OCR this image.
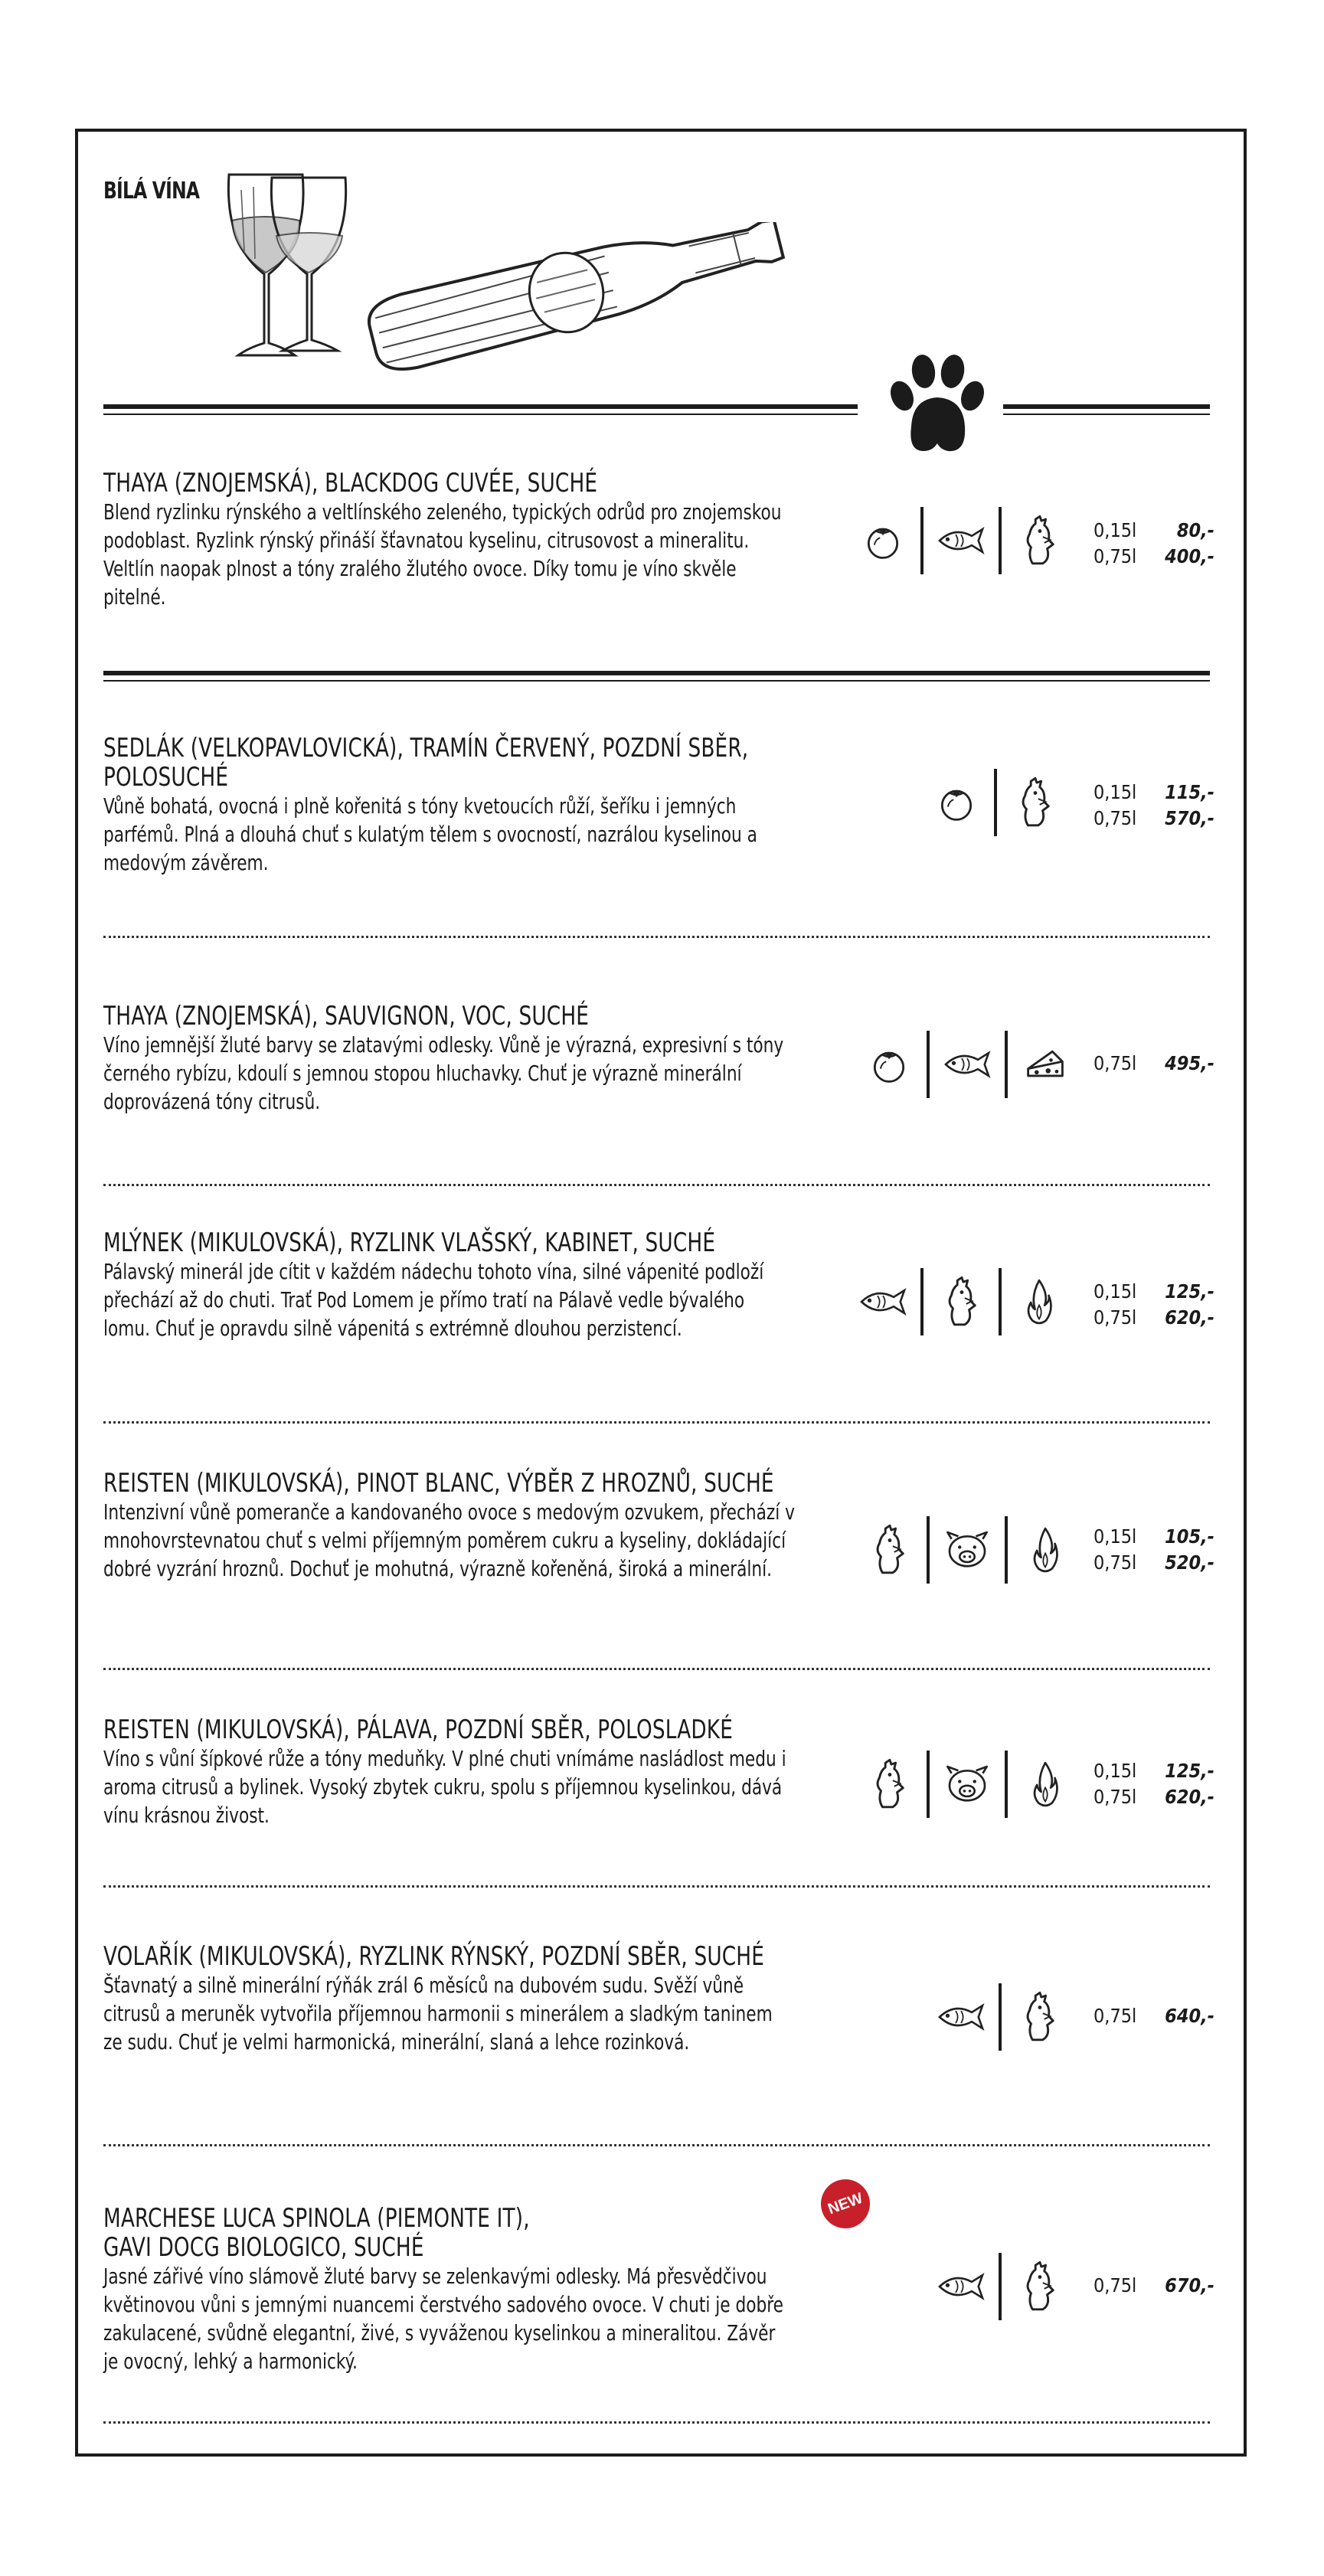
BÍLÁ VÍNA
THAYA (ZNOJEMSKÁ), BLACKDOG CUVÉE, SUCHÉ
Blend ryzlinku rýnského a veltlínského zeleného, typických odrůd pro znojemskou podoblast. Ryzlink rýnský přináší šťavnatou kyselinu, citrusovost a mineralitu. Veltlín naopak plnost a tóny zralého žlutého ovoce. Díky tomu je víno skvěle pitelné.
0,15l	80,-
0,75l	400,-
SEDLÁK (VELKOPAVLOVICKÁ), TRAMÍN ČERVENÝ, POZDNÍ SBĚR, POLOSUCHÉ
Vůně bohatá, ovocná i plně kořenitá s tóny kvetoucích růží, šeříku i jemných parfémů. Plná a dlouhá chuť s kulatým tělem s ovocností, nazrálou kyselinou a medovým závěrem.
0,15l	115,-
0,75l	570,-
THAYA (ZNOJEMSKÁ), SAUVIGNON, VOC, SUCHÉ
Víno jemnější žluté barvy se zlatavými odlesky. Vůně je výrazná, expresivní s tóny černého rybízu, kdoulí s jemnou stopou hluchavky. Chuť je výrazně minerální doprovázená tóny citrusů.
0,75l	495,-
MLÝNEK (MIKULOVSKÁ), RYZLINK VLAŠSKÝ, KABINET, SUCHÉ
Pálavský minerál jde cítit v každém nádechu tohoto vína, silné vápenité podloží přechází až do chuti. Trať Pod Lomem je přímo tratí na Pálavě vedle bývalého lomu. Chuť je opravdu silně vápenitá s extrémně dlouhou perzistencí.
0,15l	125,-
0,75l	620,-
REISTEN (MIKULOVSKÁ), PINOT BLANC, VÝBĚR Z HROZNŮ, SUCHÉ
Intenzivní vůně pomeranče a kandovaného ovoce s medovým ozvukem, přechází v mnohovrstevnatou chuť s velmi příjemným poměrem cukru a kyseliny, dokládající dobré vyzrání hroznů. Dochuť je mohutná, výrazně kořeněná, široká a minerální.
0,15l	105,-
0,75l	520,-
REISTEN (MIKULOVSKÁ), PÁLAVA, POZDNÍ SBĚR, POLOSLADKÉ
Víno s vůní šípkové růže a tóny meduňky. V plné chuti vnímáme nasládlost medu i aroma citrusů a bylinek. Vysoký zbytek cukru, spolu s příjemnou kyselinkou, dává vínu krásnou živost.
0,15l	125,-
0,75l	620,-
VOLAŘÍK (MIKULOVSKÁ), RYZLINK RÝNSKÝ, POZDNÍ SBĚR, SUCHÉ
Šťavnatý a silně minerální rýňák zrál 6 měsíců na dubovém sudu. Svěží vůně citrusů a meruněk vytvořila příjemnou harmonii s minerálem a sladkým taninem ze sudu. Chuť je velmi harmonická, minerální, slaná a lehce rozinková.
0,75l	640,-
MARCHESE LUCA SPINOLA (PIEMONTE IT),
GAVI DOCG BIOLOGICO, SUCHÉ
Jasné zářivé víno slámově žluté barvy se zelenkavými odlesky. Má přesvědčivou květinovou vůni s jemnými nuancemi čerstvého sadového ovoce. V chuti je dobře zakulacené, svůdně elegantní, živé, s vyváženou kyselinkou a mineralitou. Závěr je ovocný, lehký a harmonický.
NEW
0,75l	670,-
